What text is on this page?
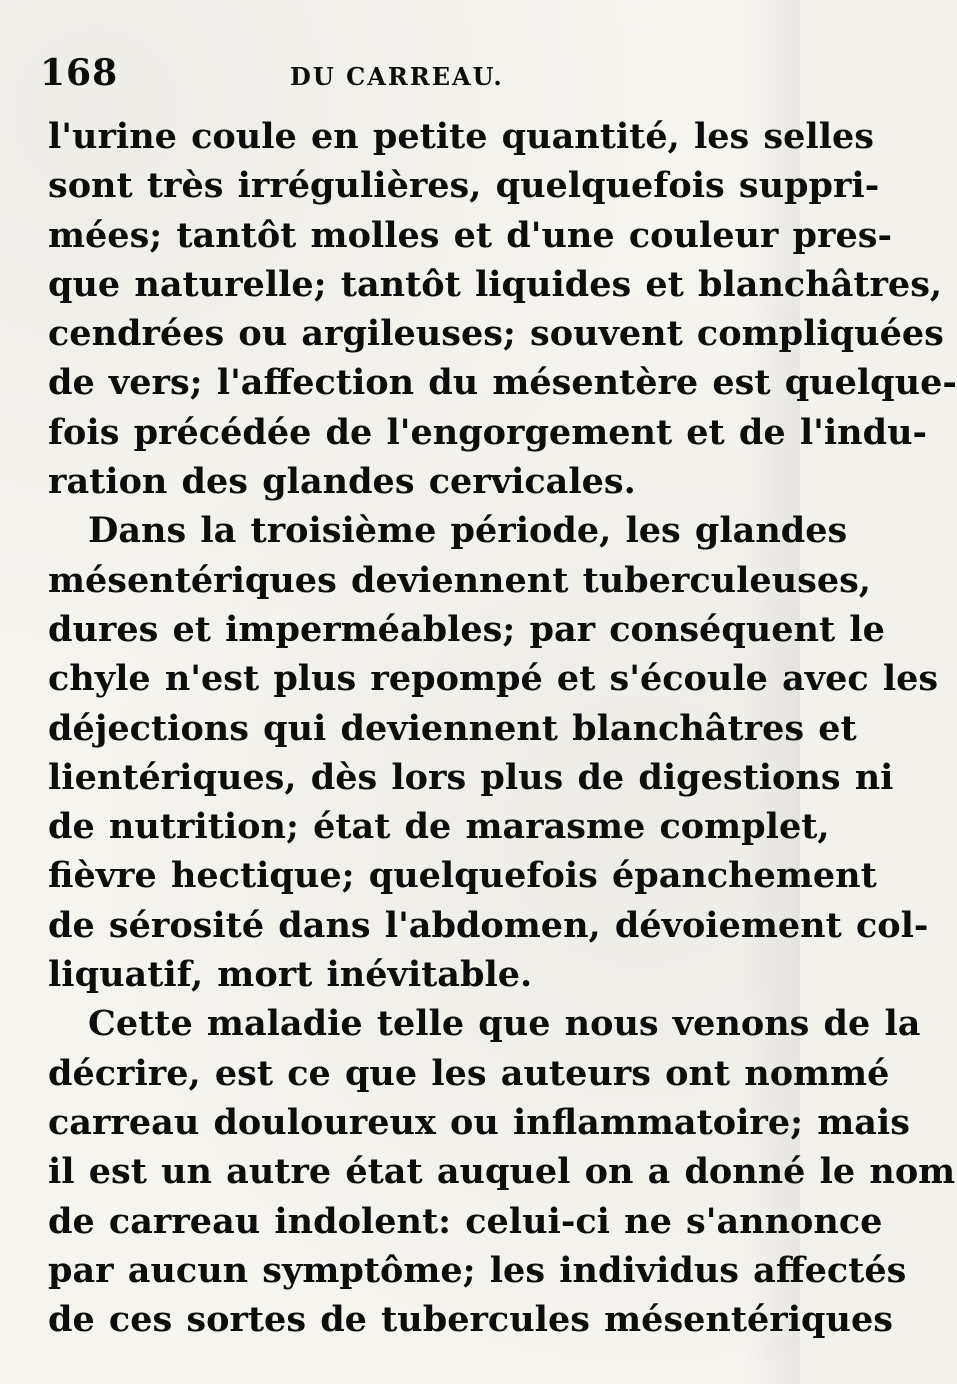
168	DU CARREAU.
l'urine coule en petite quantité, les selles
sont très irrégulières, quelquefois suppri-
mées; tantôt molles et d'une couleur pres-
que naturelle; tantôt liquides et blanchâtres,
cendrées ou argileuses; souvent compliquées
de vers; l'affection du mésentère est quelque-
fois précédée de l'engorgement et de l'indu-
ration des glandes cervicales.
Dans la troisième période, les glandes
mésentériques deviennent tuberculeuses,
dures et imperméables; par conséquent le
chyle n'est plus repompé et s'écoule avec les
déjections qui deviennent blanchâtres et
lientériques, dès lors plus de digestions ni
de nutrition; état de marasme complet,
fièvre hectique; quelquefois épanchement
de sérosité dans l'abdomen, dévoiement col-
liquatif, mort inévitable.
Cette maladie telle que nous venons de la
décrire, est ce que les auteurs ont nommé
carreau douloureux ou inflammatoire; mais
il est un autre état auquel on a donné le nom
de carreau indolent: celui-ci ne s'annonce
par aucun symptôme; les individus affectés
de ces sortes de tubercules mésentériques
